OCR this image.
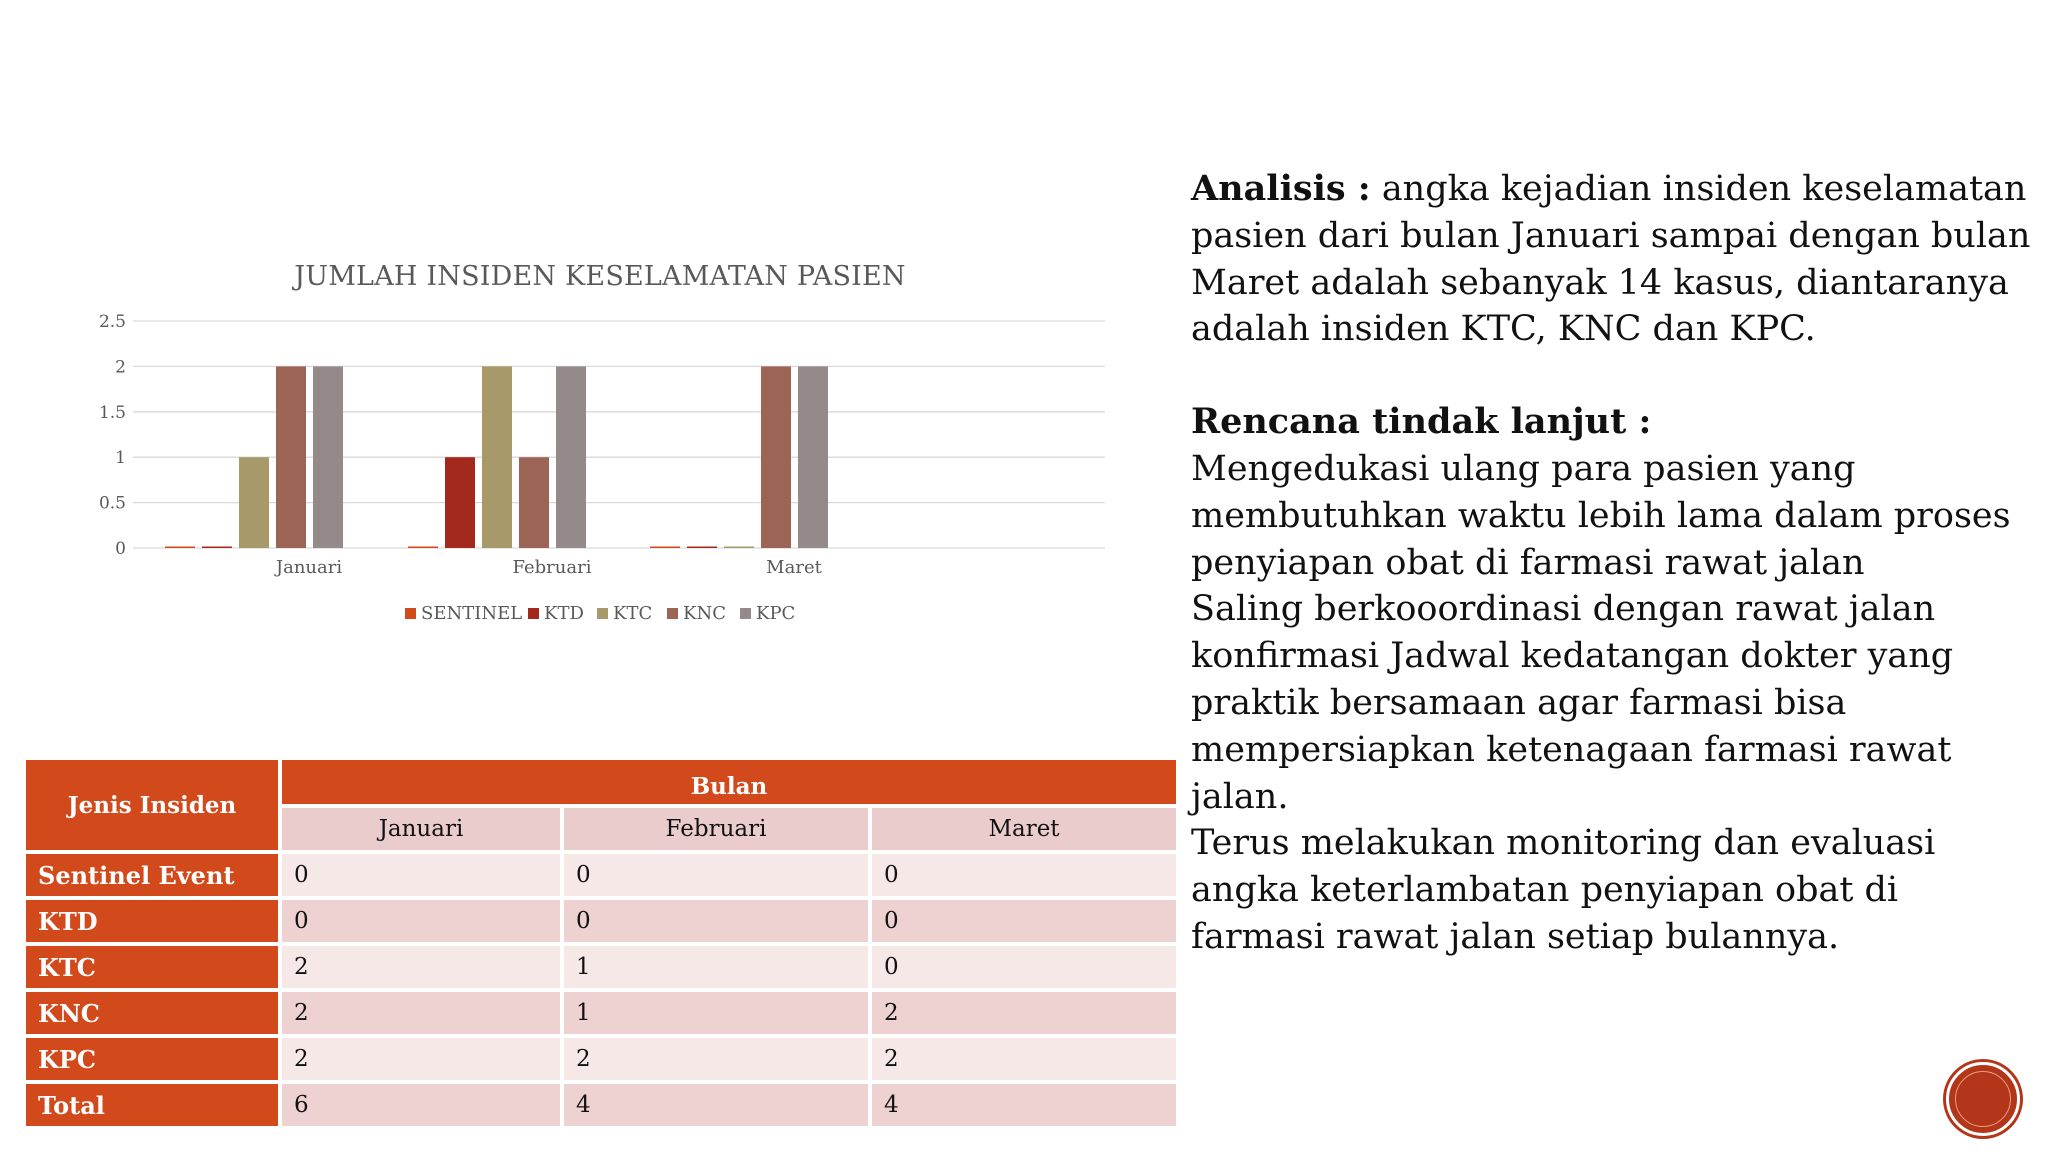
JUMLAH INSIDEN KESELAMATAN PASIEN
0
0.5
1
1.5
2
2.5
Januari	Februari	Maret
SENTINEL KTD KTC KNC KPC
Jenis Insiden
Bulan
Januari	Februari	Maret
Sentinel Event	0	0	0
KTD	0	0	0
KTC	2	1	0
KNC	2	1	2
KPC	2	2	2
Total	6	4	4

Analisis : angka kejadian insiden keselamatan pasien dari bulan Januari sampai dengan bulan Maret adalah sebanyak 14 kasus, diantaranya adalah insiden KTC, KNC dan KPC.

Rencana tindak lanjut :

Mengedukasi ulang para pasien yang membutuhkan waktu lebih lama dalam proses penyiapan obat di farmasi rawat jalan

Saling berkooordinasi dengan rawat jalan konfirmasi Jadwal kedatangan dokter yang praktik bersamaan agar farmasi bisa mempersiapkan ketenagaan farmasi rawat jalan.

Terus melakukan monitoring dan evaluasi angka keterlambatan penyiapan obat di farmasi rawat jalan setiap bulannya.
